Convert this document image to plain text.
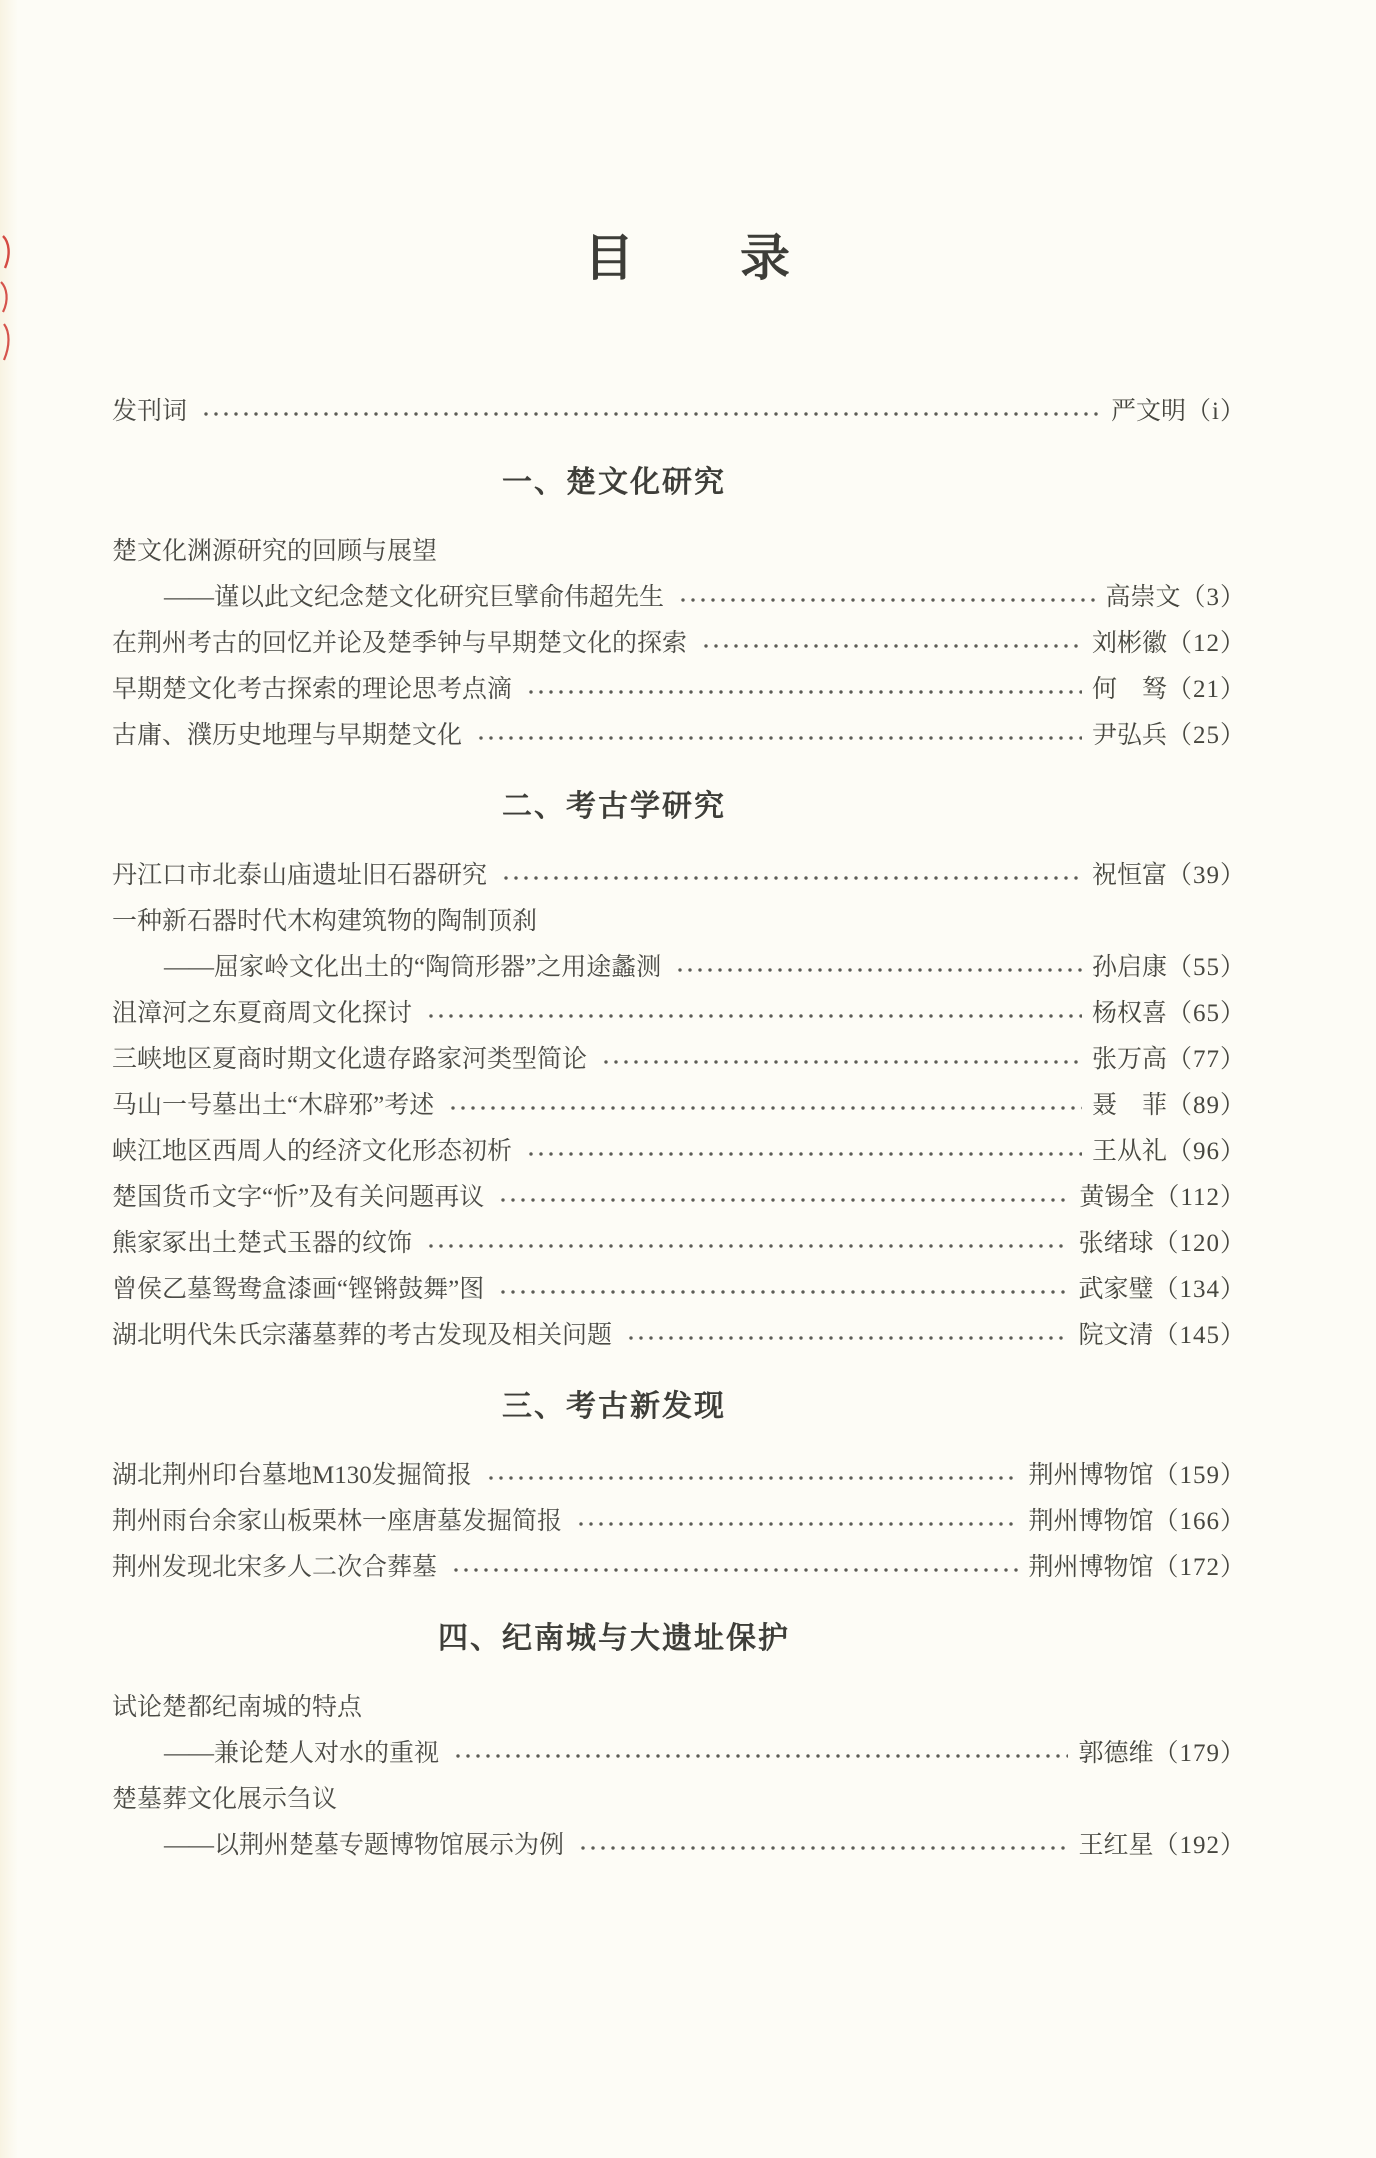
目 录
发刊词	严文明 （i）
一、楚文化研究
楚文化渊源研究的回顾与展望
——谨以此文纪念楚文化研究巨擘俞伟超先生	高崇文 （3）
在荆州考古的回忆并论及楚季钟与早期楚文化的探索	刘彬徽 （12）
早期楚文化考古探索的理论思考点滴	何　驽 （21）
古庸、濮历史地理与早期楚文化	尹弘兵 （25）
二、考古学研究
丹江口市北泰山庙遗址旧石器研究	祝恒富 （39）
一种新石器时代木构建筑物的陶制顶刹
——屈家岭文化出土的“陶筒形器”之用途蠡测	孙启康 （55）
沮漳河之东夏商周文化探讨	杨权喜 （65）
三峡地区夏商时期文化遗存路家河类型简论	张万高 （77）
马山一号墓出土“木辟邪”考述	聂　菲 （89）
峡江地区西周人的经济文化形态初析	王从礼 （96）
楚国货币文字“忻”及有关问题再议	黄锡全 （112）
熊家冢出土楚式玉器的纹饰	张绪球 （120）
曾侯乙墓鸳鸯盒漆画“铿锵鼓舞”图	武家璧 （134）
湖北明代朱氏宗藩墓葬的考古发现及相关问题	院文清 （145）
三、考古新发现
湖北荆州印台墓地M130发掘简报	荆州博物馆 （159）
荆州雨台余家山板栗林一座唐墓发掘简报	荆州博物馆 （166）
荆州发现北宋多人二次合葬墓	荆州博物馆 （172）
四、纪南城与大遗址保护
试论楚都纪南城的特点
——兼论楚人对水的重视	郭德维 （179）
楚墓葬文化展示刍议
——以荆州楚墓专题博物馆展示为例	王红星 （192）
